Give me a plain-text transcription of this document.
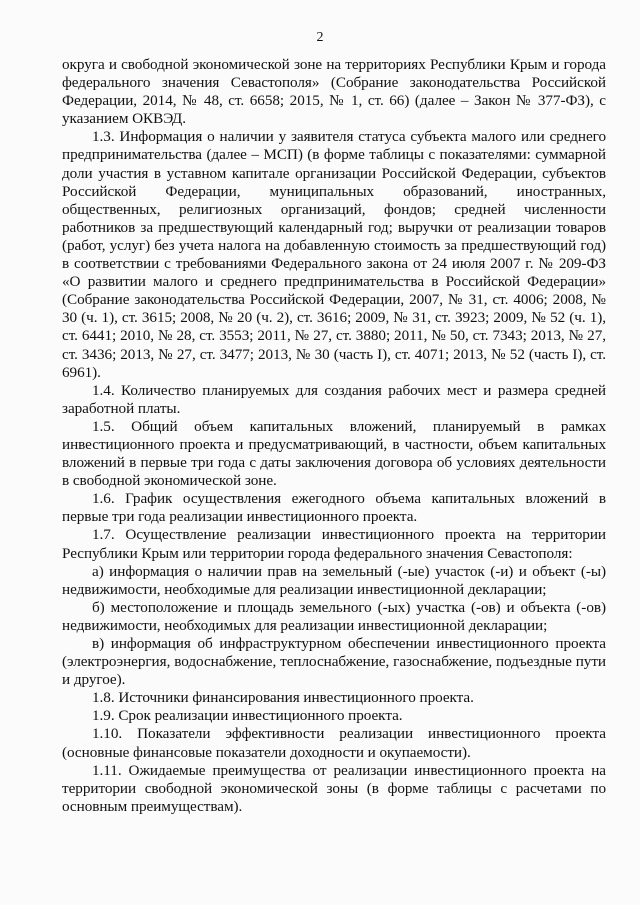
2

округа и свободной экономической зоне на территориях Республики Крым и города федерального значения Севастополя» (Собрание законодательства Российской Федерации, 2014, № 48, ст. 6658; 2015, № 1, ст. 66) (далее – Закон № 377-ФЗ), с указанием ОКВЭД.

1.3. Информация о наличии у заявителя статуса субъекта малого или среднего предпринимательства (далее – МСП) (в форме таблицы с показателями: суммарной доли участия в уставном капитале организации Российской Федерации, субъектов Российской Федерации, муниципальных образований, иностранных, общественных, религиозных организаций, фондов; средней численности работников за предшествующий календарный год; выручки от реализации товаров (работ, услуг) без учета налога на добавленную стоимость за предшествующий год) в соответствии с требованиями Федерального закона от 24 июля 2007 г. № 209-ФЗ «О развитии малого и среднего предпринимательства в Российской Федерации» (Собрание законодательства Российской Федерации, 2007, № 31, ст. 4006; 2008, № 30 (ч. 1), ст. 3615; 2008, № 20 (ч. 2), ст. 3616; 2009, № 31, ст. 3923; 2009, № 52 (ч. 1), ст. 6441; 2010, № 28, ст. 3553; 2011, № 27, ст. 3880; 2011, № 50, ст. 7343; 2013, № 27, ст. 3436; 2013, № 27, ст. 3477; 2013, № 30 (часть I), ст. 4071; 2013, № 52 (часть I), ст. 6961).

1.4. Количество планируемых для создания рабочих мест и размера средней заработной платы.

1.5. Общий объем капитальных вложений, планируемый в рамках инвестиционного проекта и предусматривающий, в частности, объем капитальных вложений в первые три года с даты заключения договора об условиях деятельности в свободной экономической зоне.

1.6. График осуществления ежегодного объема капитальных вложений в первые три года реализации инвестиционного проекта.

1.7. Осуществление реализации инвестиционного проекта на территории Республики Крым или территории города федерального значения Севастополя:

а) информация о наличии прав на земельный (-ые) участок (-и) и объект (-ы) недвижимости, необходимые для реализации инвестиционной декларации;

б) местоположение и площадь земельного (-ых) участка (-ов) и объекта (-ов) недвижимости, необходимых для реализации инвестиционной декларации;

в) информация об инфраструктурном обеспечении инвестиционного проекта (электроэнергия, водоснабжение, теплоснабжение, газоснабжение, подъездные пути и другое).

1.8. Источники финансирования инвестиционного проекта.

1.9. Срок реализации инвестиционного проекта.

1.10. Показатели эффективности реализации инвестиционного проекта (основные финансовые показатели доходности и окупаемости).

1.11. Ожидаемые преимущества от реализации инвестиционного проекта на территории свободной экономической зоны (в форме таблицы с расчетами по основным преимуществам).
